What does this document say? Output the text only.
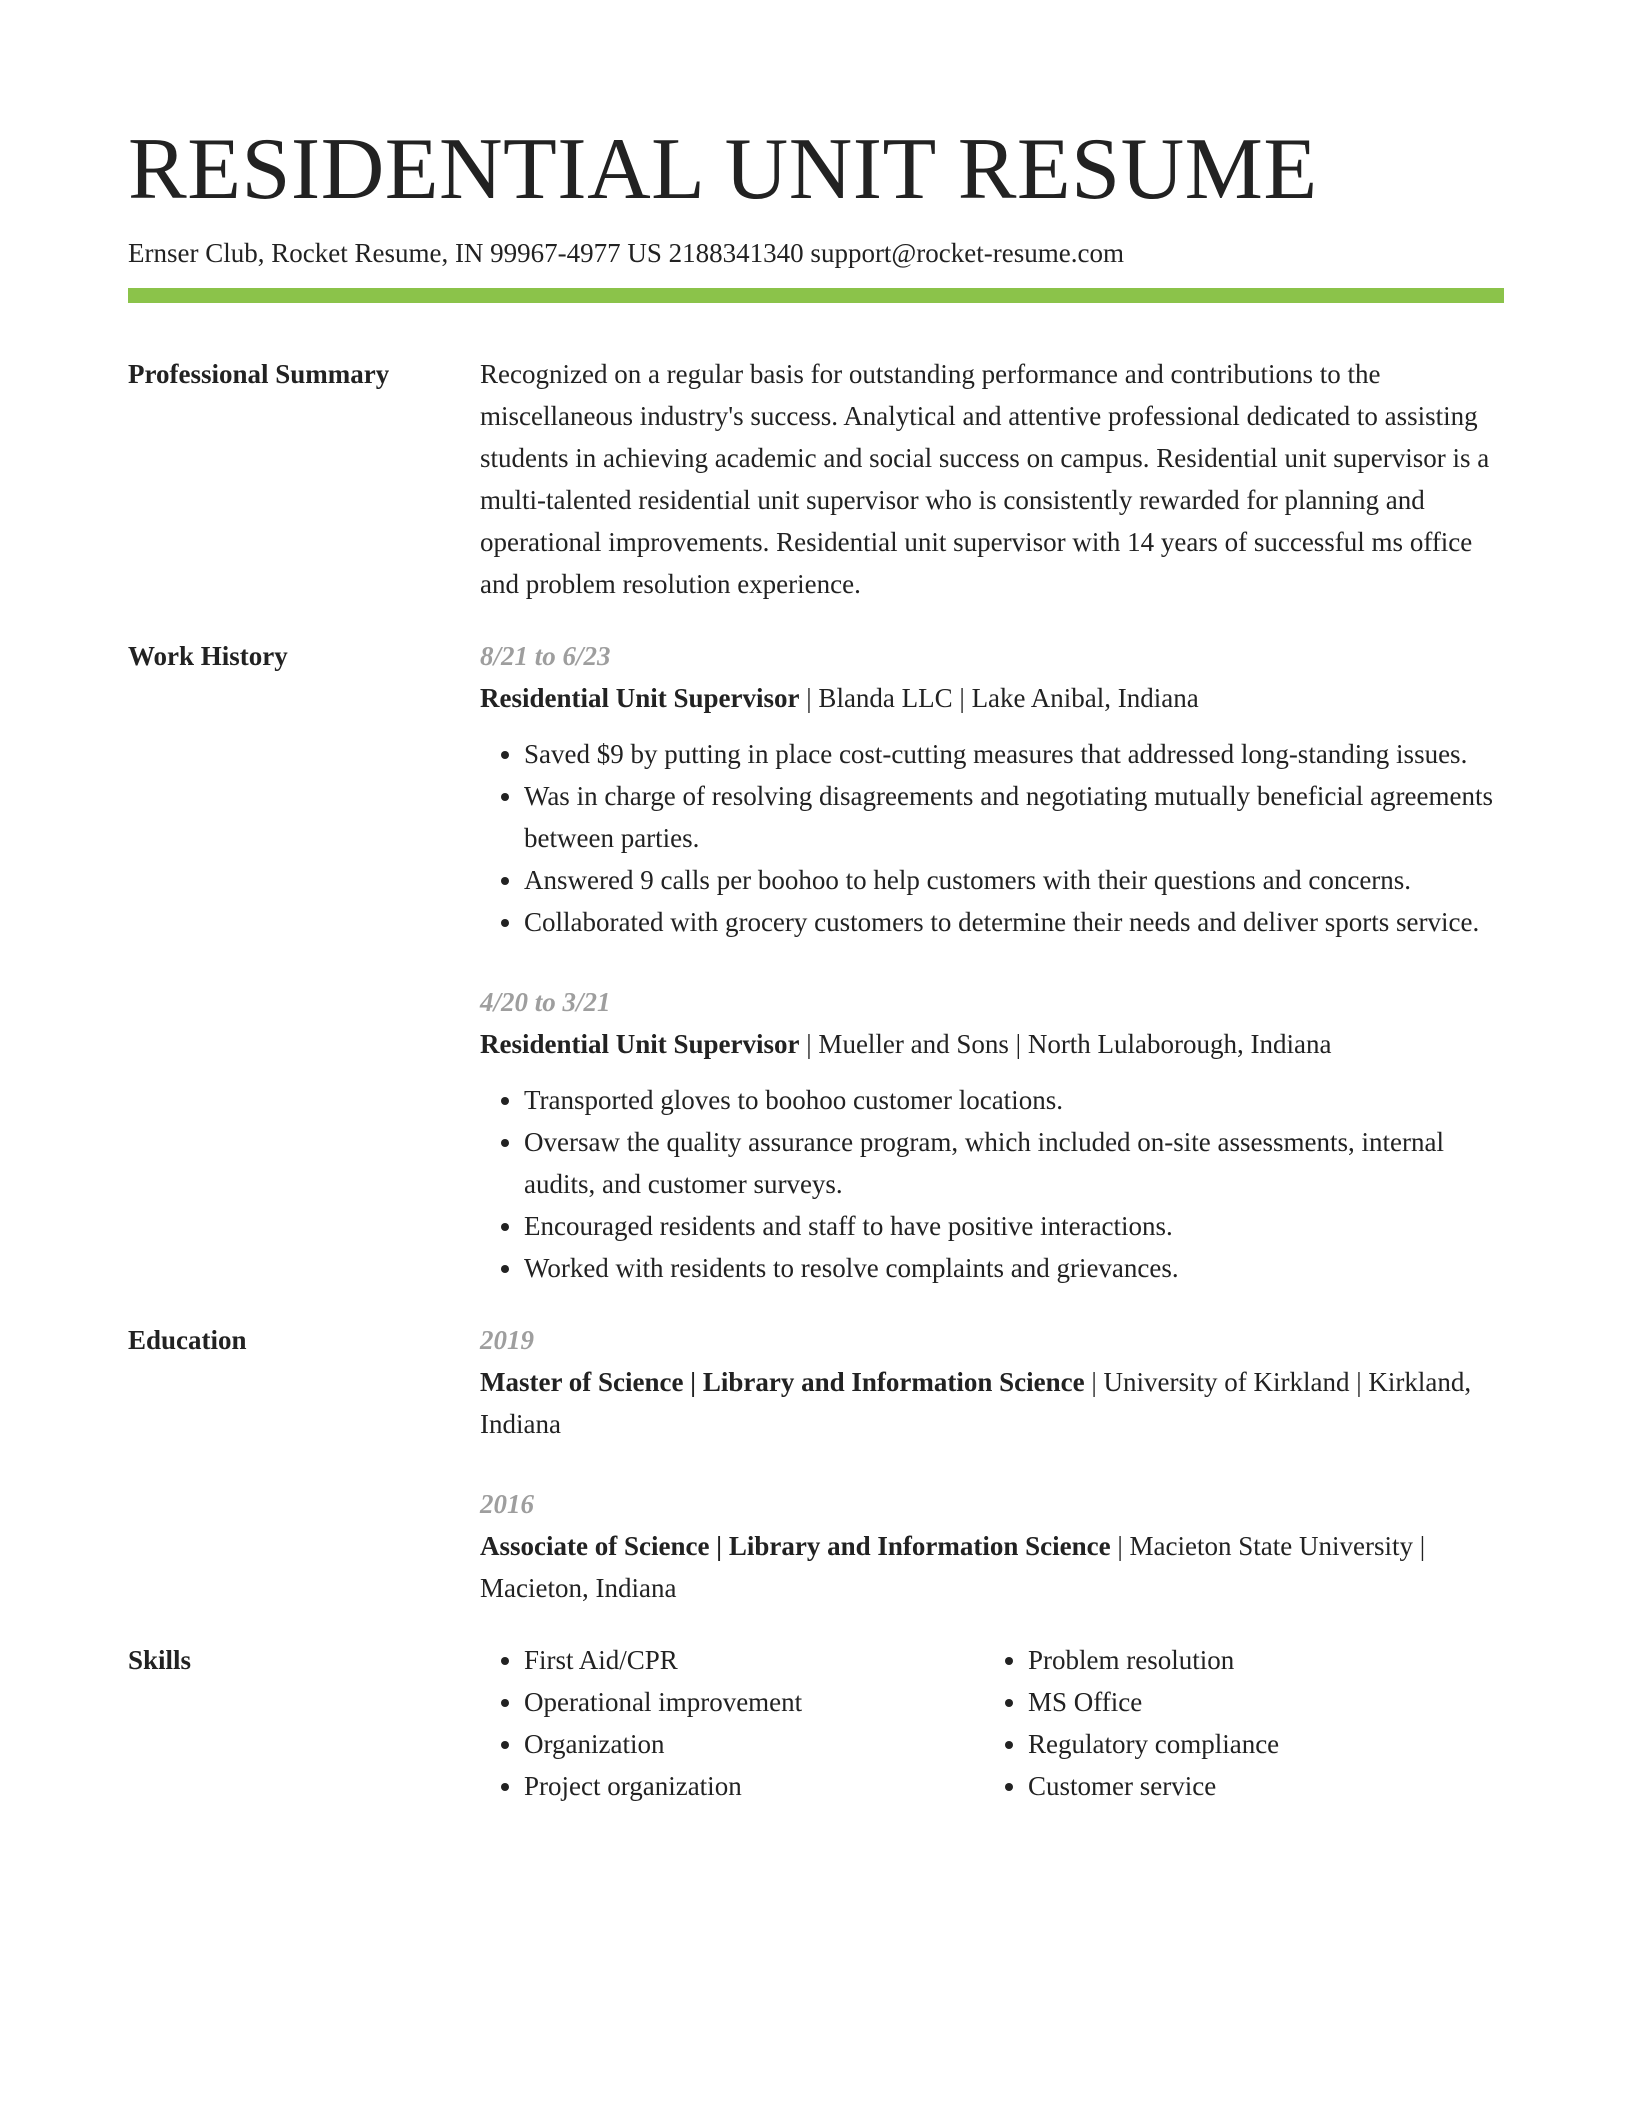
RESIDENTIAL UNIT RESUME
Ernser Club, Rocket Resume, IN 99967-4977 US 2188341340 support@rocket-resume.com
Professional Summary	Recognized on a regular basis for outstanding performance and contributions to the miscellaneous industry's success. Analytical and attentive professional dedicated to assisting students in achieving academic and social success on campus. Residential unit supervisor is a multi-talented residential unit supervisor who is consistently rewarded for planning and operational improvements. Residential unit supervisor with 14 years of successful ms office and problem resolution experience.
Work History	8/21 to 6/23
Residential Unit Supervisor | Blanda LLC | Lake Anibal, Indiana
• Saved $9 by putting in place cost-cutting measures that addressed long-standing issues.
• Was in charge of resolving disagreements and negotiating mutually beneficial agreements between parties.
• Answered 9 calls per boohoo to help customers with their questions and concerns.
• Collaborated with grocery customers to determine their needs and deliver sports service.
4/20 to 3/21
Residential Unit Supervisor | Mueller and Sons | North Lulaborough, Indiana
• Transported gloves to boohoo customer locations.
• Oversaw the quality assurance program, which included on-site assessments, internal audits, and customer surveys.
• Encouraged residents and staff to have positive interactions.
• Worked with residents to resolve complaints and grievances.
Education	2019
Master of Science | Library and Information Science | University of Kirkland | Kirkland, Indiana
2016
Associate of Science | Library and Information Science | Macieton State University | Macieton, Indiana
Skills
•	First Aid/CPR
• Operational improvement
• Organization
• Project organization
• Problem resolution
• MS Office
• Regulatory compliance
• Customer service
